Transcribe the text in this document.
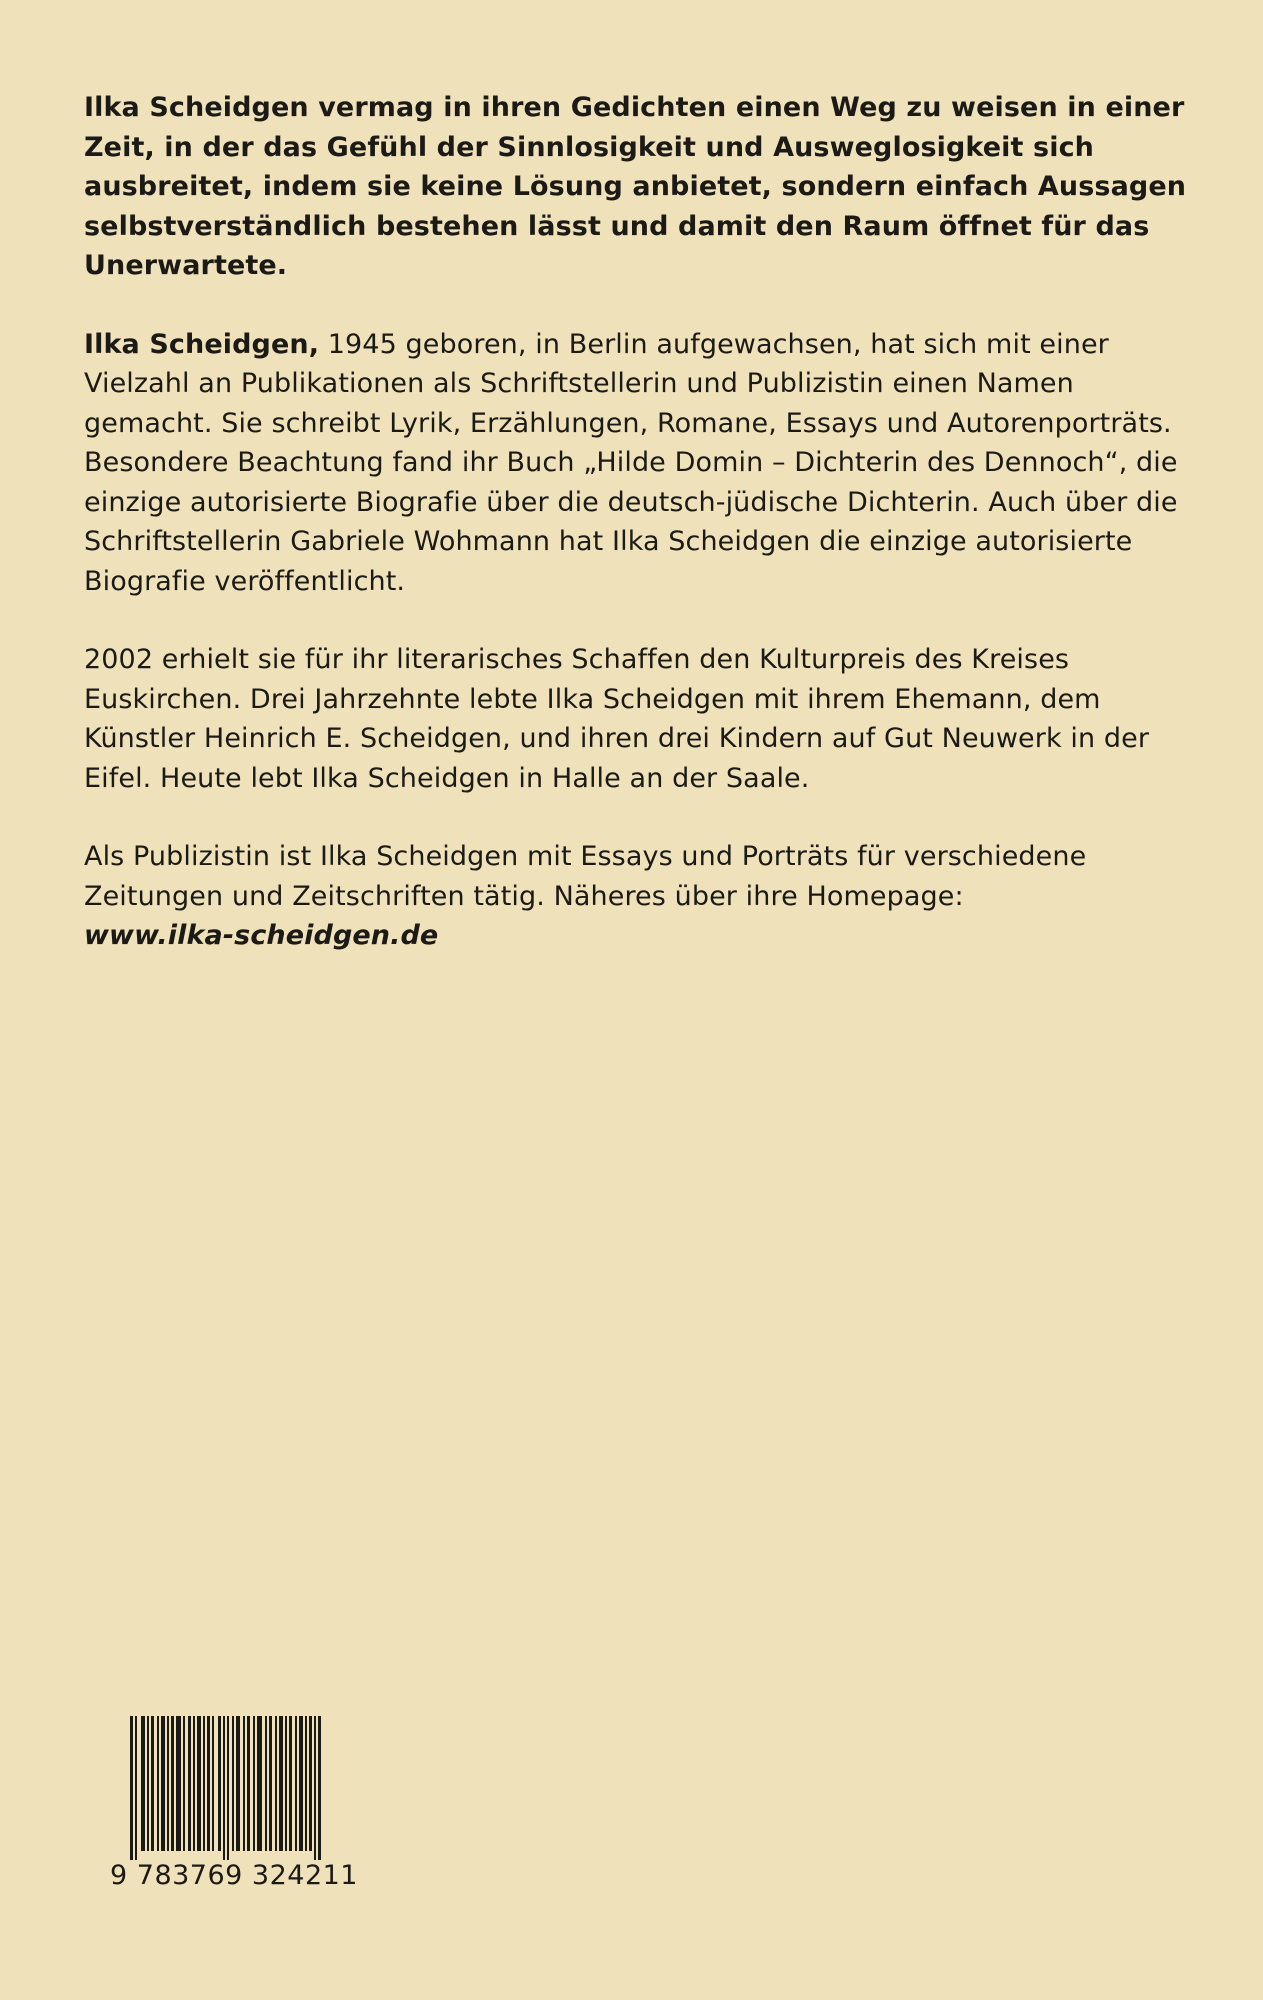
Ilka Scheidgen vermag in ihren Gedichten einen Weg zu weisen in einer Zeit, in der das Gefühl der Sinnlosigkeit und Ausweglosigkeit sich ausbreitet, indem sie keine Lösung anbietet, sondern einfach Aussagen selbstverständlich bestehen lässt und damit den Raum öffnet für das Unerwartete.

Ilka Scheidgen, 1945 geboren, in Berlin aufgewachsen, hat sich mit einer Vielzahl an Publikationen als Schriftstellerin und Publizistin einen Namen gemacht. Sie schreibt Lyrik, Erzählungen, Romane, Essays und Autorenporträts. Besondere Beachtung fand ihr Buch „Hilde Domin – Dichterin des Dennoch“, die einzige autorisierte Biografie über die deutsch-jüdische Dichterin. Auch über die Schriftstellerin Gabriele Wohmann hat Ilka Scheidgen die einzige autorisierte Biografie veröffentlicht.

2002 erhielt sie für ihr literarisches Schaffen den Kulturpreis des Kreises Euskirchen. Drei Jahrzehnte lebte Ilka Scheidgen mit ihrem Ehemann, dem Künstler Heinrich E. Scheidgen, und ihren drei Kindern auf Gut Neuwerk in der Eifel. Heute lebt Ilka Scheidgen in Halle an der Saale.

Als Publizistin ist Ilka Scheidgen mit Essays und Porträts für verschiedene Zeitungen und Zeitschriften tätig. Näheres über ihre Homepage:
www.ilka-scheidgen.de

9 783769 324211
